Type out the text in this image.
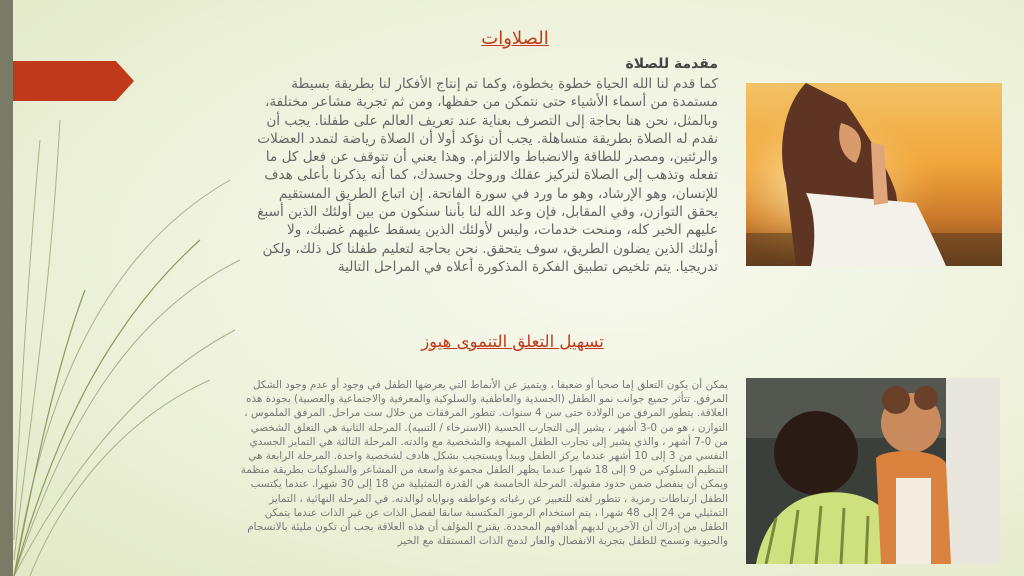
الصلاوات
مقدمة للصلاة
كما قدم لنا الله الحياة خطوة بخطوة، وكما تم إنتاج الأفكار لنا بطريقة بسيطة مستمدة من أسماء الأشياء حتى نتمكن من حفظها، ومن ثم تجربة مشاعر مختلفة، وبالمثل، نحن هنا بحاجة إلى التصرف بعناية عند تعريف العالم على طفلنا. يجب أن نقدم له الصلاة بطريقة متساهلة. يجب أن نؤكد أولا أن الصلاة رياضة لتمدد العضلات والرئتين، ومصدر للطاقة والانضباط والالتزام. وهذا يعني أن تتوقف عن فعل كل ما تفعله وتذهب إلى الصلاة لتركيز عقلك وروحك وجسدك، كما أنه يذكرنا بأعلى هدف للإنسان، وهو الإرشاد، وهو ما ورد في سورة الفاتحة. إن اتباع الطريق المستقيم يحقق التوازن، وفي المقابل، فإن وعد الله لنا بأننا سنكون من بين أولئك الذين أسبغ عليهم الخير كله، ومنحت خدمات، وليس لأولئك الذين يسقط عليهم غضبك، ولا أولئك الذين يضلون الطريق، سوف يتحقق. نحن بحاجة لتعليم طفلنا كل ذلك، ولكن تدريجيا. يتم تلخيص تطبيق الفكرة المذكورة أعلاه في المراحل التالية
تسهيل التعلق التنموى هيوز
يمكن أن يكون التعلق إما صحيا أو ضعيفا ، ويتميز عن الأنماط التي يعرضها الطفل في وجود أو عدم وجود الشكل المرفق. تتأثر جميع جوانب نمو الطفل (الجسدية والعاطفية والسلوكية والمعرفية والاجتماعية والعصبية) بجودة هذه العلاقة. يتطور المرفق من الولادة حتى سن 4 سنوات. تتطور المرفقات من خلال ست مراحل. المرفق الملموس ، التوازن ، هو من 0-3 أشهر ، يشير إلى التجارب الحسية (الاسترخاء / التنبيه). المرحلة الثانية هي التعلق الشخصي من 0-7 أشهر ، والذي يشير إلى تجارب الطفل المبهجة والشخصية مع والدته. المرحلة الثالثة هي التمايز الجسدي النفسي من 3 إلى 10 أشهر عندما يركز الطفل ويبدأ ويستجيب بشكل هادف لشخصية واحدة. المرحلة الرابعة هي التنظيم السلوكي من 9 إلى 18 شهرا عندما يظهر الطفل مجموعة واسعة من المشاعر والسلوكيات بطريقة منظمة ويمكن أن ينفصل ضمن حدود مقبولة. المرحلة الخامسة هي القدرة التمثيلية من 18 إلى 30 شهرا. عندما يكتسب الطفل ارتباطات رمزية ، تتطور لغته للتعبير عن رغباته وعواطفه ونواياه لوالدته. في المرحلة النهائية ، التمايز التمثيلي من 24 إلى 48 شهرا ، يتم استخدام الرموز المكتسبة سابقا لفصل الذات عن غير الذات عندما يتمكن الطفل من إدراك أن الآخرين لديهم أهدافهم المحددة. يقترح المؤلف أن هذه العلاقة يجب أن تكون مليئة بالانسجام والحيوية وتسمح للطفل بتجربة الانفصال والعار لدمج الذات المستقلة مع الخير
